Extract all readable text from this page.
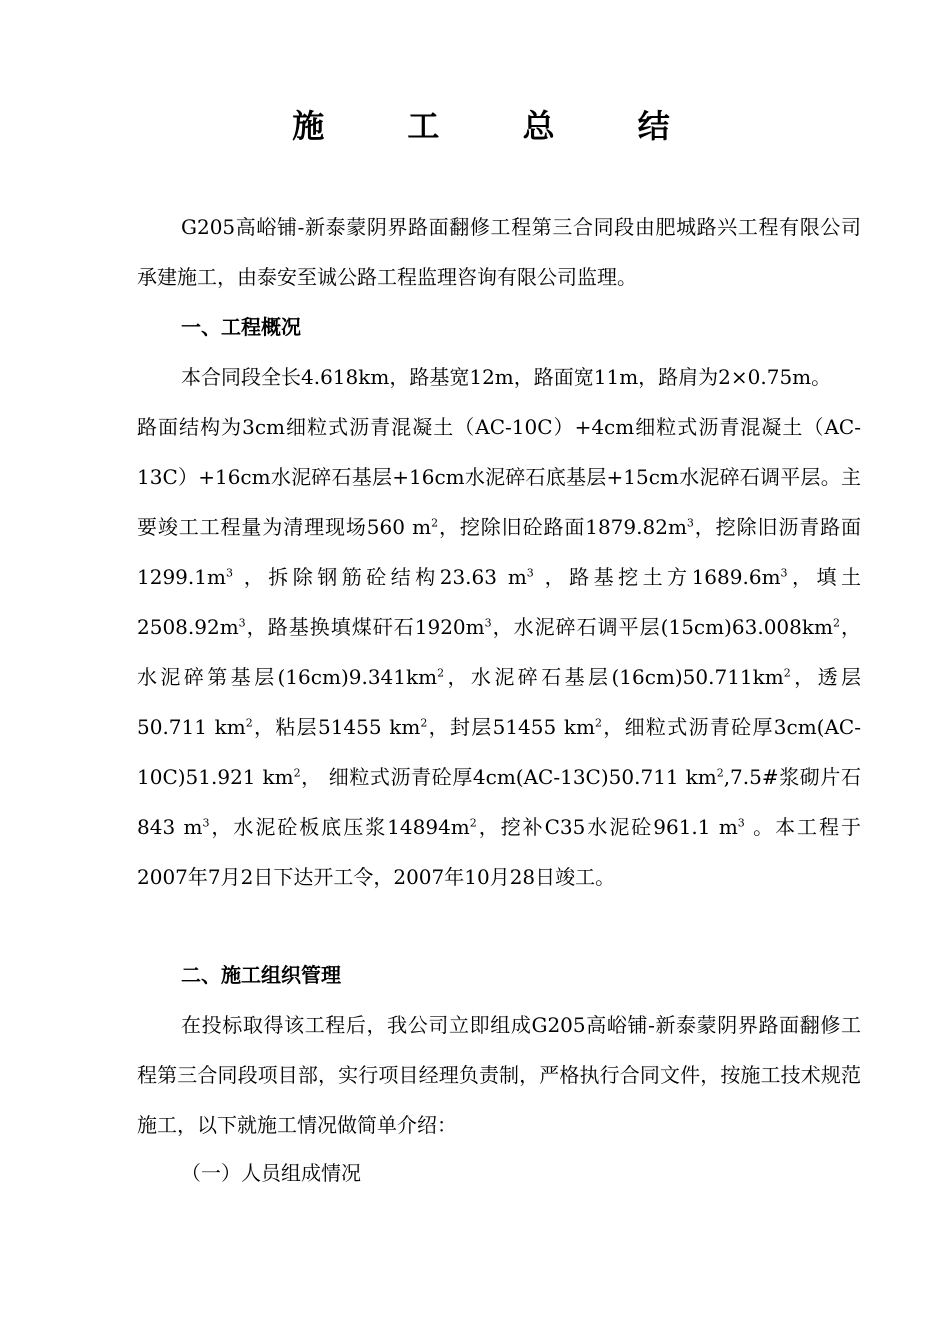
施 工 总 结

G205高峪铺-新泰蒙阴界路面翻修工程第三合同段由肥城路兴工程有限公司承建施工，由泰安至诚公路工程监理咨询有限公司监理。

一、工程概况

本合同段全长4.618km，路基宽12m，路面宽11m，路肩为2×0.75m。

路面结构为3cm细粒式沥青混凝土（AC-10C）+4cm细粒式沥青混凝土（AC-13C）+16cm水泥碎石基层+16cm水泥碎石底基层+15cm水泥碎石调平层。主要竣工工程量为清理现场560 $m^2$，挖除旧砼路面$1879.82m^3$，挖除旧沥青路面$1299.1m^3$ ，拆除钢筋砼结构23.63 $m^3$ ，路基挖土方$1689.6m^3$，填土$2508.92m^3$，路基换填煤矸石$1920m^3$，水泥碎石调平层$(15cm)63.008km^2$，水泥碎第基层$(16cm)9.341km^2$，水泥碎石基层$(16cm)50.711km^2$，透层50.711 $km^2$，粘层51455 $km^2$，封层51455 $km^2$，细粒式沥青砼厚3cm(AC-10C)51.921 $km^2$， 细粒式沥青砼厚4cm(AC-13C)50.711 $km^2,7.5\#$浆砌片石843 $m^3$，水泥砼板底压浆$14894m^2$，挖补C35水泥砼961.1 $m^3$ 。本工程于2007年7月2日下达开工令，2007年10月28日竣工。

二、施工组织管理

在投标取得该工程后，我公司立即组成G205高峪铺-新泰蒙阴界路面翻修工程第三合同段项目部，实行项目经理负责制，严格执行合同文件，按施工技术规范施工，以下就施工情况做简单介绍：

（一）人员组成情况
